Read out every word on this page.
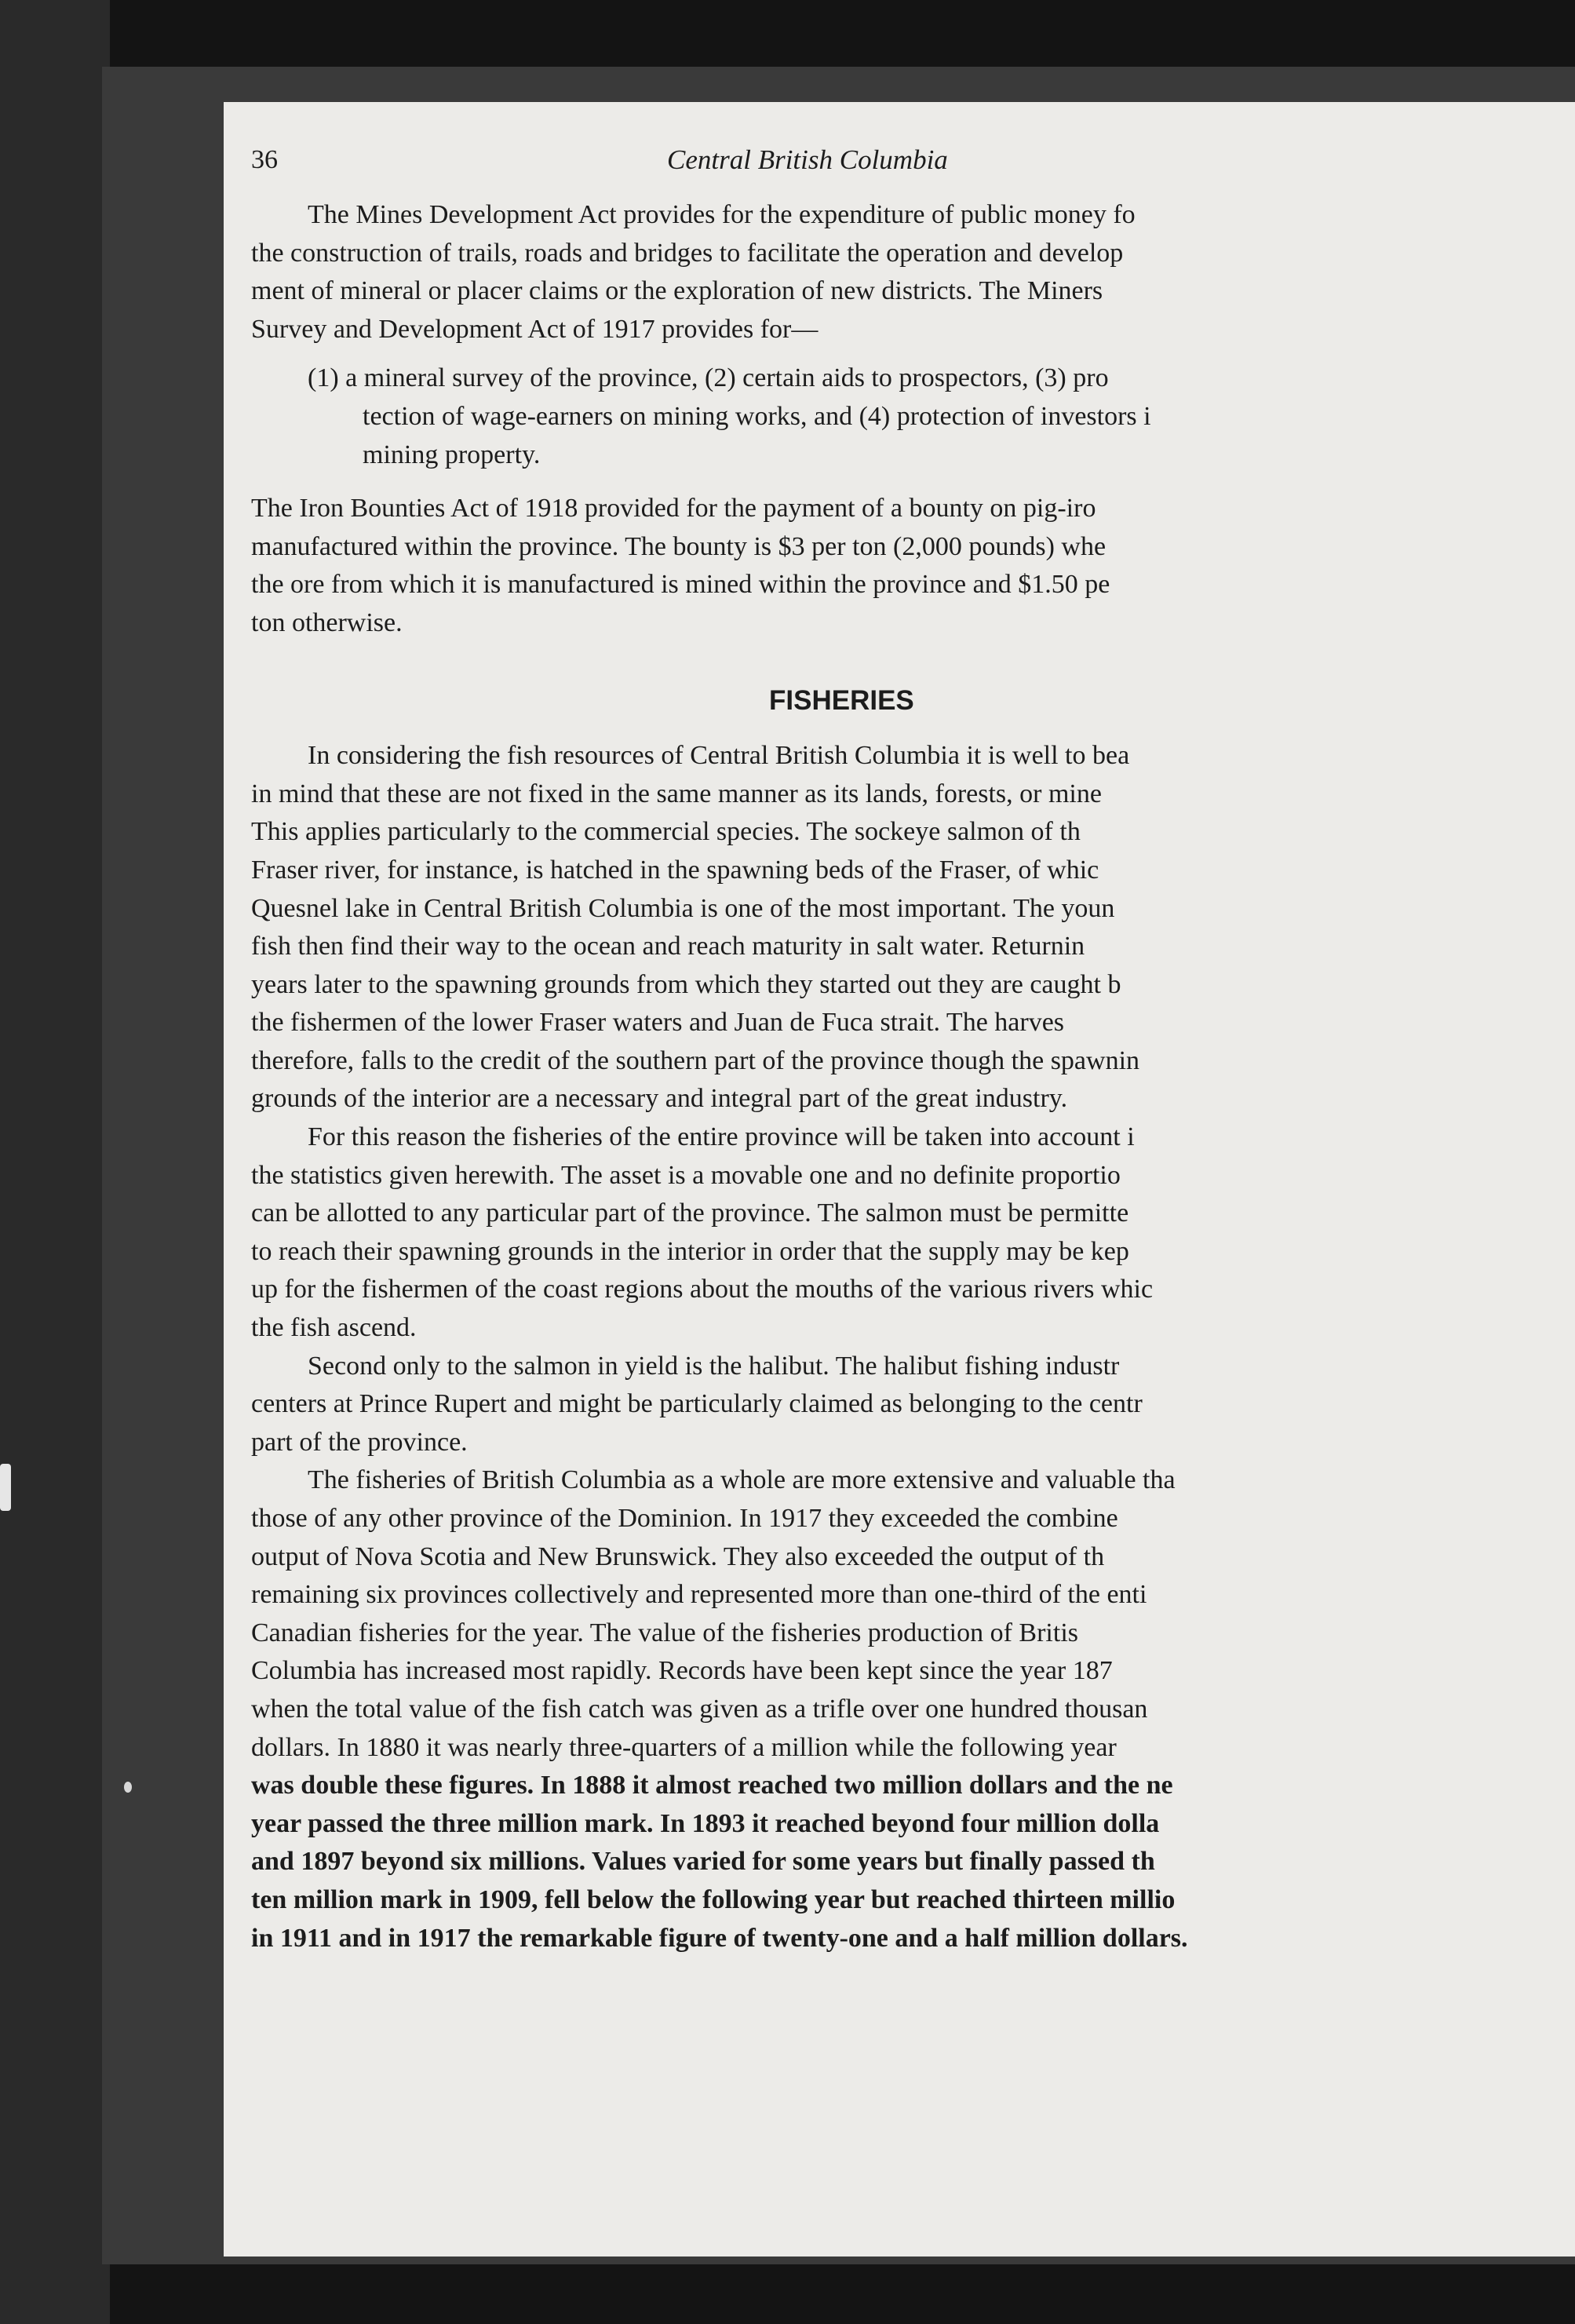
36	Central British Columbia
The Mines Development Act provides for the expenditure of public money fo
the construction of trails, roads and bridges to facilitate the operation and develop
ment of mineral or placer claims or the exploration of new districts. The Miners
Survey and Development Act of 1917 provides for—
(1) a mineral survey of the province, (2) certain aids to prospectors, (3) pro
tection of wage-earners on mining works, and (4) protection of investors i
mining property.
The Iron Bounties Act of 1918 provided for the payment of a bounty on pig-iro
manufactured within the province. The bounty is $3 per ton (2,000 pounds) whe
the ore from which it is manufactured is mined within the province and $1.50 pe
ton otherwise.
FISHERIES
In considering the fish resources of Central British Columbia it is well to bea
in mind that these are not fixed in the same manner as its lands, forests, or mine
This applies particularly to the commercial species. The sockeye salmon of th
Fraser river, for instance, is hatched in the spawning beds of the Fraser, of whic
Quesnel lake in Central British Columbia is one of the most important. The youn
fish then find their way to the ocean and reach maturity in salt water. Returnin
years later to the spawning grounds from which they started out they are caught b
the fishermen of the lower Fraser waters and Juan de Fuca strait. The harves
therefore, falls to the credit of the southern part of the province though the spawnin
grounds of the interior are a necessary and integral part of the great industry.
For this reason the fisheries of the entire province will be taken into account i
the statistics given herewith. The asset is a movable one and no definite proportio
can be allotted to any particular part of the province. The salmon must be permitte
to reach their spawning grounds in the interior in order that the supply may be kep
up for the fishermen of the coast regions about the mouths of the various rivers whic
the fish ascend.
Second only to the salmon in yield is the halibut. The halibut fishing industr
centers at Prince Rupert and might be particularly claimed as belonging to the centr
part of the province.
The fisheries of British Columbia as a whole are more extensive and valuable tha
those of any other province of the Dominion. In 1917 they exceeded the combine
output of Nova Scotia and New Brunswick. They also exceeded the output of th
remaining six provinces collectively and represented more than one-third of the enti
Canadian fisheries for the year. The value of the fisheries production of Britis
Columbia has increased most rapidly. Records have been kept since the year 187
when the total value of the fish catch was given as a trifle over one hundred thousan
dollars. In 1880 it was nearly three-quarters of a million while the following year
was double these figures. In 1888 it almost reached two million dollars and the ne
year passed the three million mark. In 1893 it reached beyond four million dolla
and 1897 beyond six millions. Values varied for some years but finally passed th
ten million mark in 1909, fell below the following year but reached thirteen millio
in 1911 and in 1917 the remarkable figure of twenty-one and a half million dollars.
